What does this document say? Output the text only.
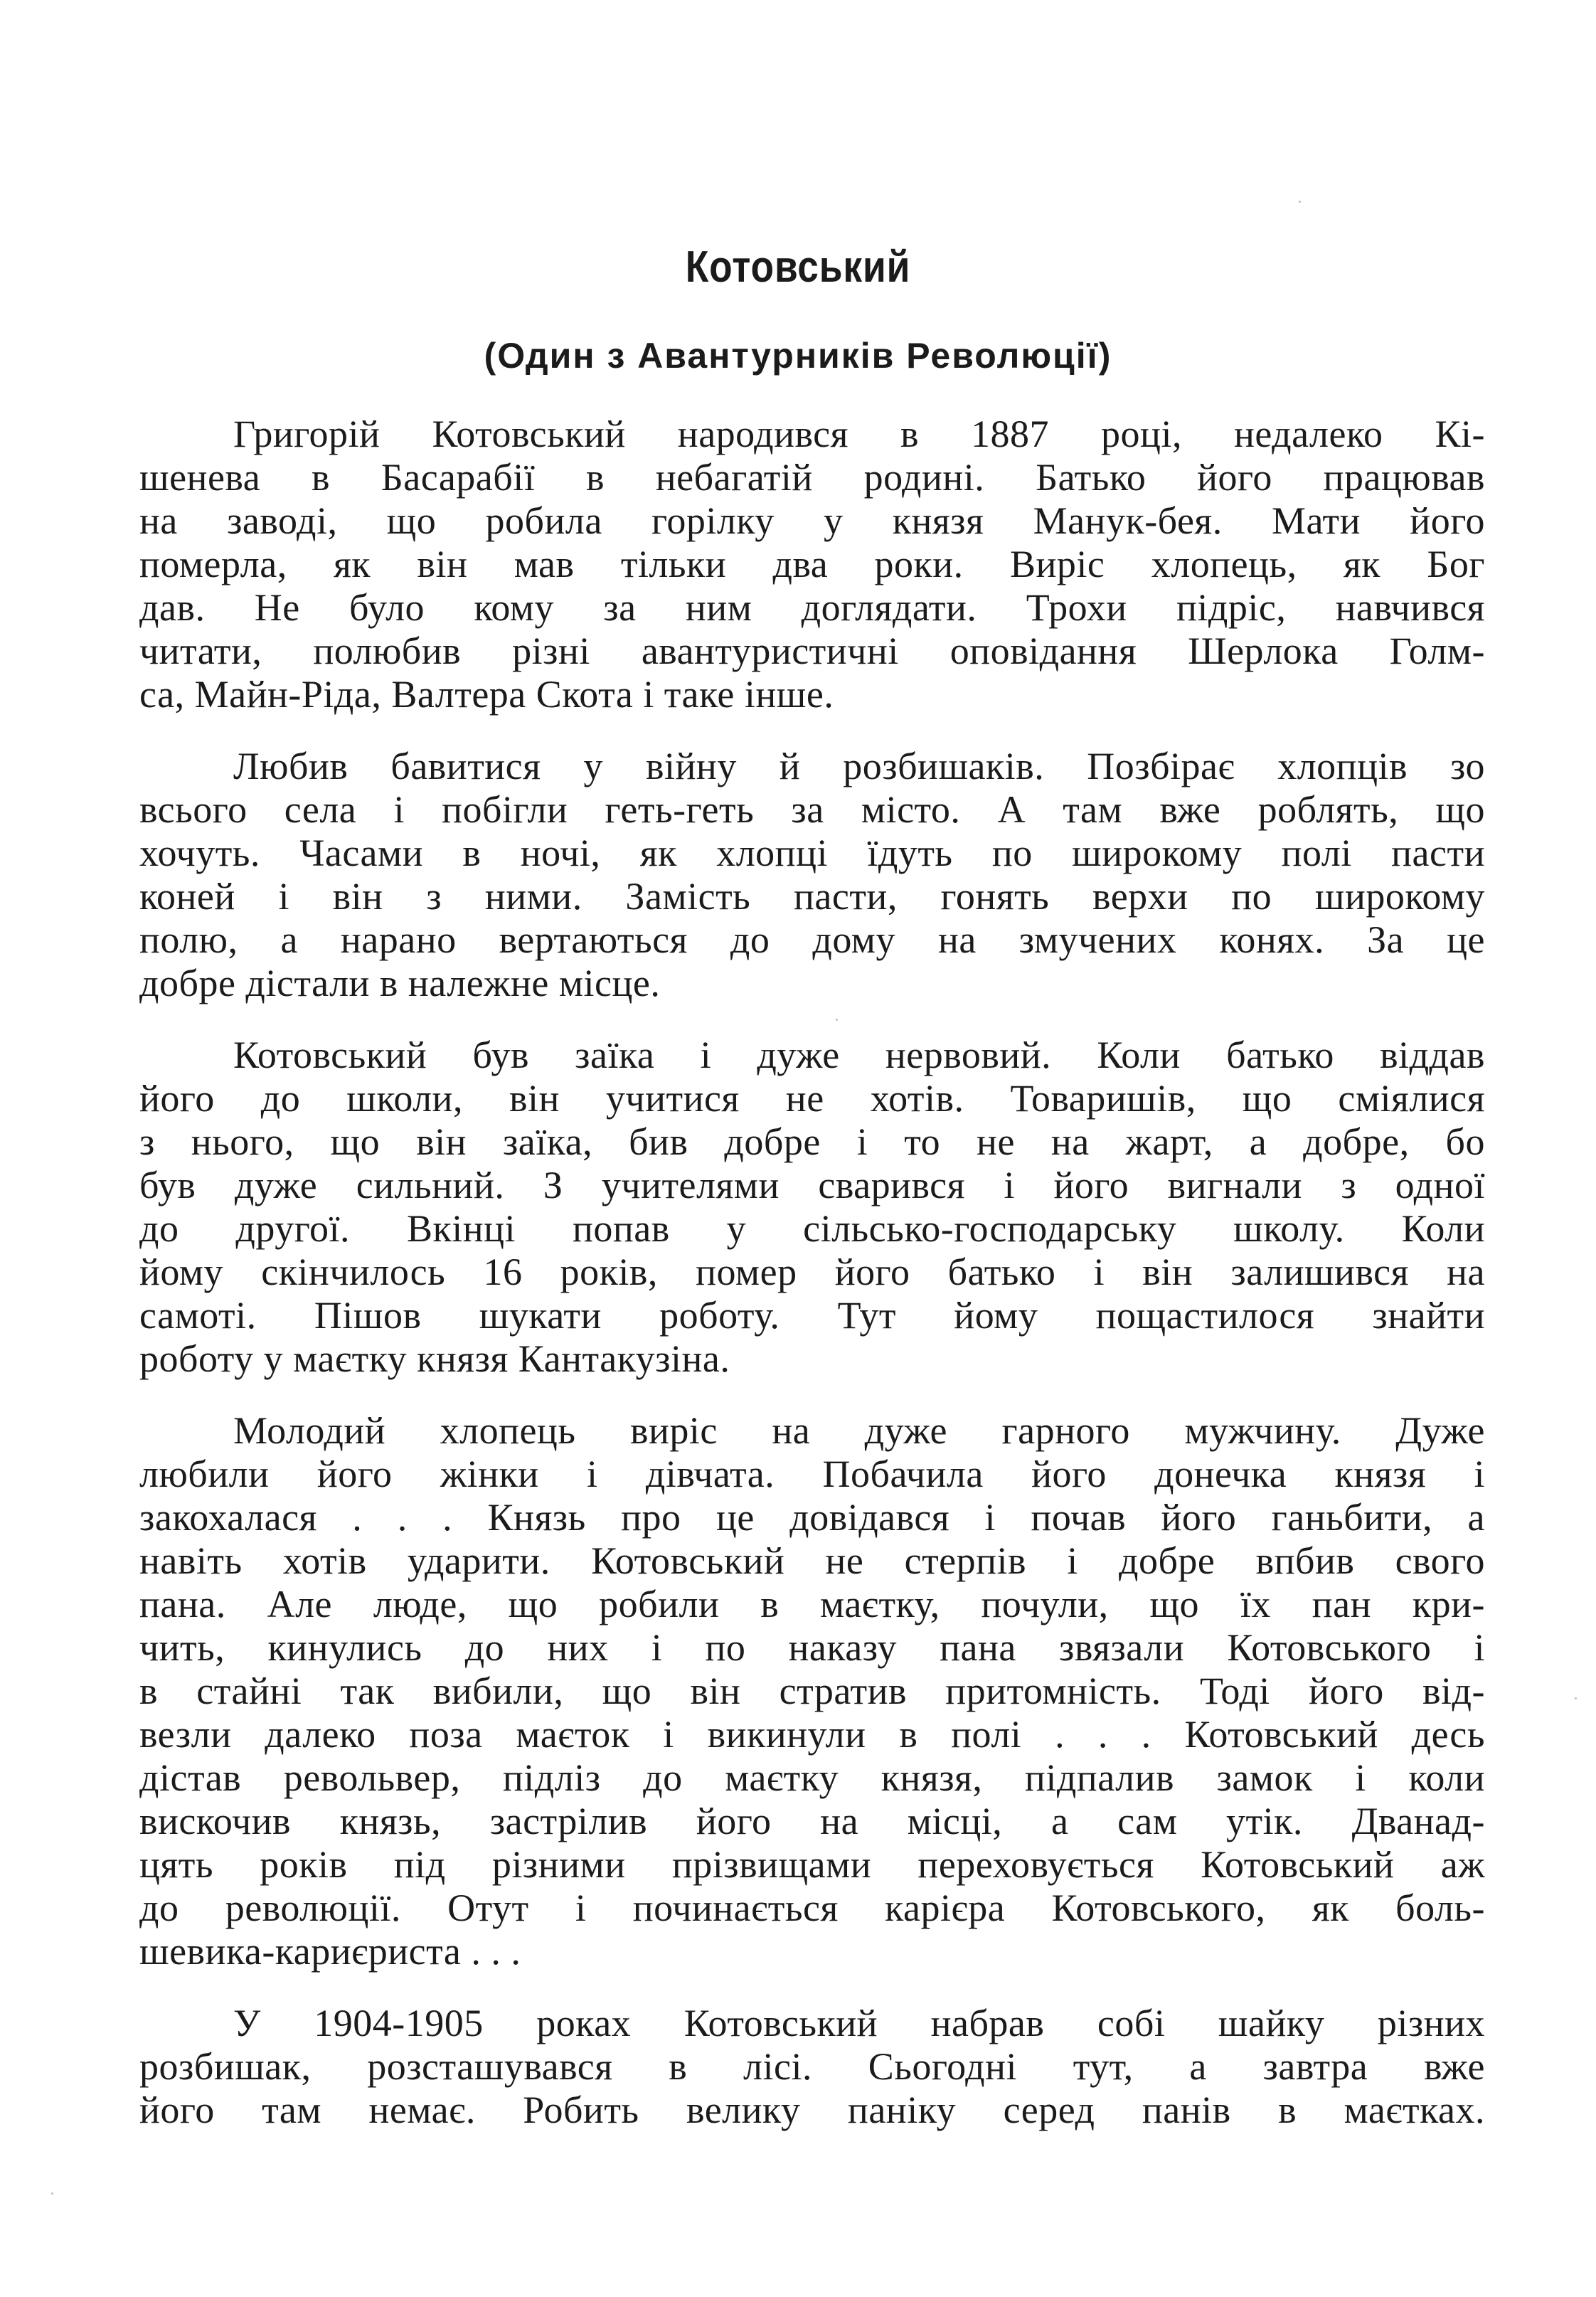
Котовський
(Один з Авантурників Революції)
Григорій Котовський народився в 1887 році, недалеко Кі-
шенева в Басарабії в небагатій родині. Батько його працював
на заводі, що робила горілку у князя Манук-бея. Мати його
померла, як він мав тільки два роки. Виріс хлопець, як Бог
дав. Не було кому за ним доглядати. Трохи підріс, навчився
читати, полюбив різні авантуристичні оповідання Шерлока Голм-
са, Майн-Ріда, Валтера Скота і таке інше.
Любив бавитися у війну й розбишаків. Позбірає хлопців зо
всього села і побігли геть-геть за місто. А там вже роблять, що
хочуть. Часами в ночі, як хлопці їдуть по широкому полі пасти
коней і він з ними. Замість пасти, гонять верхи по широкому
полю, а нарано вертаються до дому на змучених конях. За це
добре дістали в належне місце.
Котовський був заїка і дуже нервовий. Коли батько віддав
його до школи, він учитися не хотів. Товаришів, що сміялися
з нього, що він заїка, бив добре і то не на жарт, а добре, бо
був дуже сильний. З учителями сварився і його вигнали з одної
до другої. Вкінці попав у сільсько-господарську школу. Коли
йому скінчилось 16 років, помер його батько і він залишився на
самоті. Пішов шукати роботу. Тут йому пощастилося знайти
роботу у маєтку князя Кантакузіна.
Молодий хлопець виріс на дуже гарного мужчину. Дуже
любили його жінки і дівчата. Побачила його донечка князя і
закохалася . . . Князь про це довідався і почав його ганьбити, а
навіть хотів ударити. Котовський не стерпів і добре впбив свого
пана. Але люде, що робили в маєтку, почули, що їх пан кри-
чить, кинулись до них і по наказу пана звязали Котовського і
в стайні так вибили, що він стратив притомність. Тоді його від-
везли далеко поза маєток і викинули в полі . . . Котовський десь
дістав револьвер, підліз до маєтку князя, підпалив замок і коли
вискочив князь, застрілив його на місці, а сам утік. Дванад-
цять років під різними прізвищами переховується Котовський аж
до революції. Отут і починається карієра Котовського, як боль-
шевика-кариєриста . . .
У 1904-1905 роках Котовський набрав собі шайку різних
розбишак, розсташувався в лісі. Сьогодні тут, а завтра вже
його там немає. Робить велику паніку серед панів в маєтках.
